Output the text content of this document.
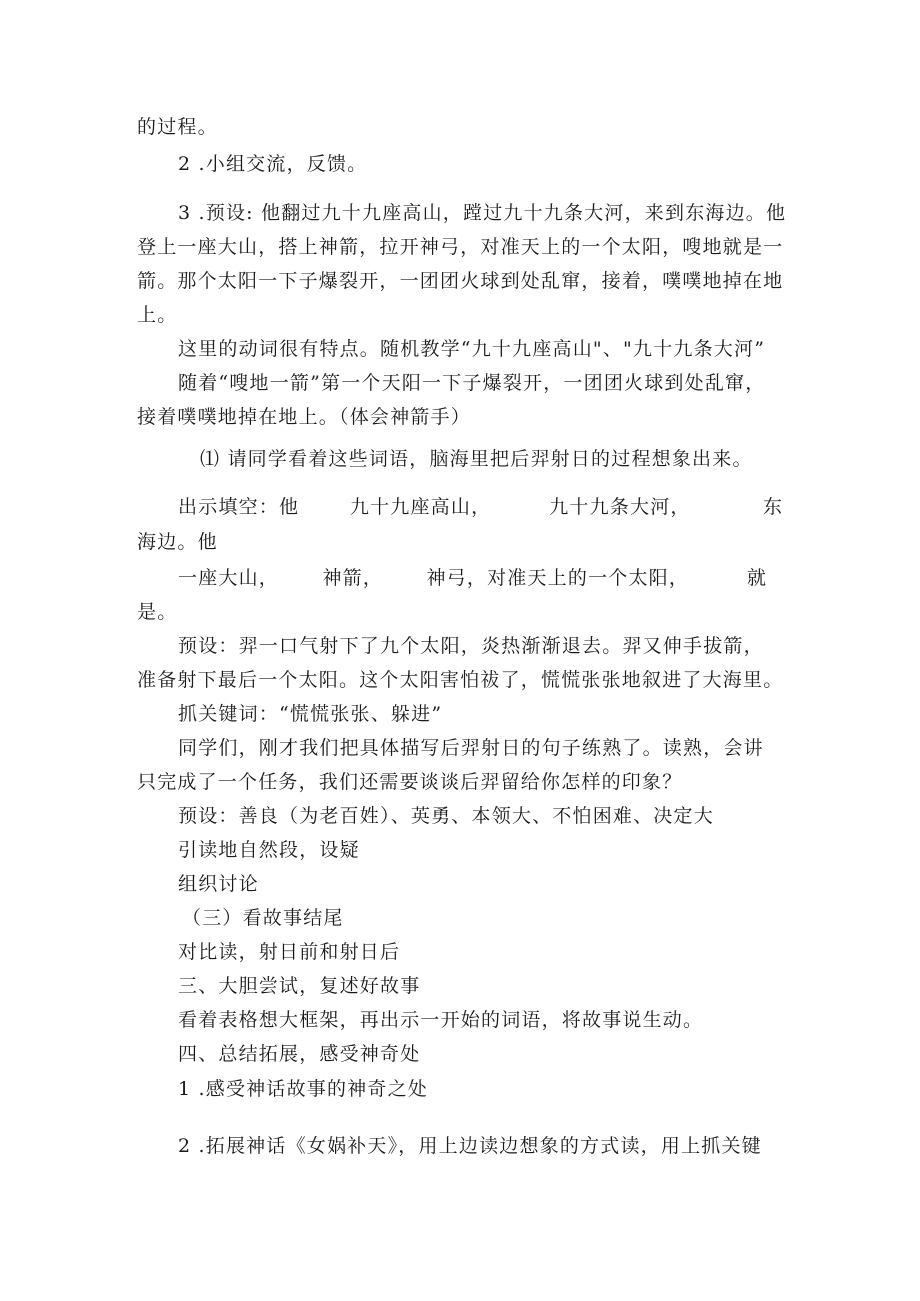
的过程。
2 .小组交流，反馈。
3 .预设: 他翻过九十九座高山，蹚过九十九条大河，来到东海边。他
登上一座大山，搭上神箭，拉开神弓，对准天上的一个太阳，嗖地就是一
箭。那个太阳一下子爆裂开，一团团火球到处乱窜，接着，噗噗地掉在地
上。
这里的动词很有特点。随机教学“九十九座高山"、"九十九条大河”
随着“嗖地一箭”第一个天阳一下子爆裂开，一团团火球到处乱窜，
接着噗噗地掉在地上。（体会神箭手）
⑴ 请同学看着这些词语，脑海里把后羿射日的过程想象出来。
出示填空：他       九十九座高山，        九十九条大河，          东
海边。他
一座大山，      神箭，      神弓，对准天上的一个太阳，        就
是。
预设：羿一口气射下了九个太阳，炎热渐渐退去。羿又伸手拔箭，
准备射下最后一个太阳。这个太阳害怕祓了，慌慌张张地叙进了大海里。
抓关键词：“慌慌张张、躲进”
同学们，刚才我们把具体描写后羿射日的句子练熟了。读熟，会讲
只完成了一个任务，我们还需要谈谈后羿留给你怎样的印象？
预设：善良（为老百姓）、英勇、本领大、不怕困难、决定大
引读地自然段，设疑
组织讨论
（三）看故事结尾
对比读，射日前和射日后
三、大胆尝试，复述好故事
看着表格想大框架，再出示一开始的词语，将故事说生动。
四、总结拓展，感受神奇处
1 .感受神话故事的神奇之处
2 .拓展神话《女娲补天》，用上边读边想象的方式读，用上抓关键
